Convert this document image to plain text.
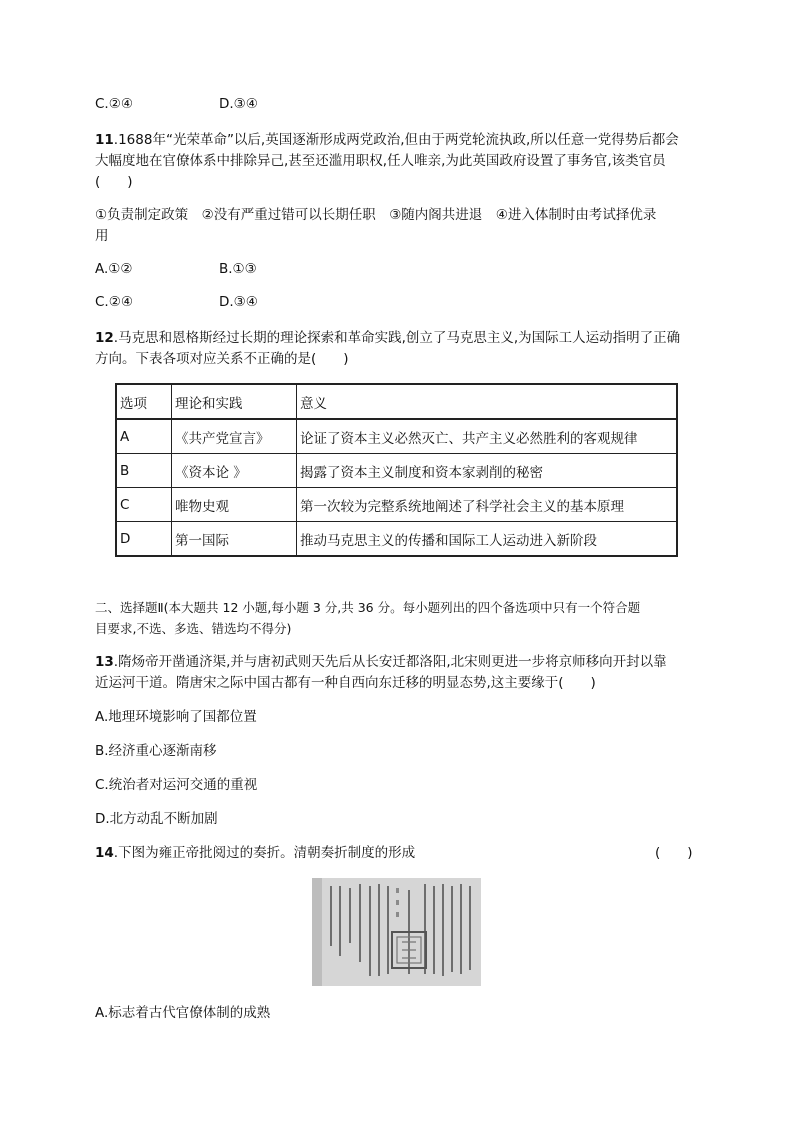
C.②④	D.③④
11.1688年“光荣革命”以后,英国逐渐形成两党政治,但由于两党轮流执政,所以任意一党得势后都会
大幅度地在官僚体系中排除异己,甚至还滥用职权,任人唯亲,为此英国政府设置了事务官,该类官员
(　　)
①负责制定政策　②没有严重过错可以长期任职　③随内阁共进退　④进入体制时由考试择优录
用
A.①②	B.①③
C.②④	D.③④
12.马克思和恩格斯经过长期的理论探索和革命实践,创立了马克思主义,为国际工人运动指明了正确
方向。下表各项对应关系不正确的是(　　)
选项	理论和实践	意义
A	《共产党宣言》	论证了资本主义必然灭亡、共产主义必然胜利的客观规律
B	《资本论 》	揭露了资本主义制度和资本家剥削的秘密
C	唯物史观	第一次较为完整系统地阐述了科学社会主义的基本原理
D	第一国际	推动马克思主义的传播和国际工人运动进入新阶段
二、选择题Ⅱ(本大题共 12 小题,每小题 3 分,共 36 分。每小题列出的四个备选项中只有一个符合题
目要求,不选、多选、错选均不得分)
13.隋炀帝开凿通济渠,并与唐初武则天先后从长安迁都洛阳,北宋则更进一步将京师移向开封以靠
近运河干道。隋唐宋之际中国古都有一种自西向东迁移的明显态势,这主要缘于(　　)
A.地理环境影响了国都位置
B.经济重心逐渐南移
C.统治者对运河交通的重视
D.北方动乱不断加剧
14.下图为雍正帝批阅过的奏折。清朝奏折制度的形成	(　　)
A.标志着古代官僚体制的成熟
